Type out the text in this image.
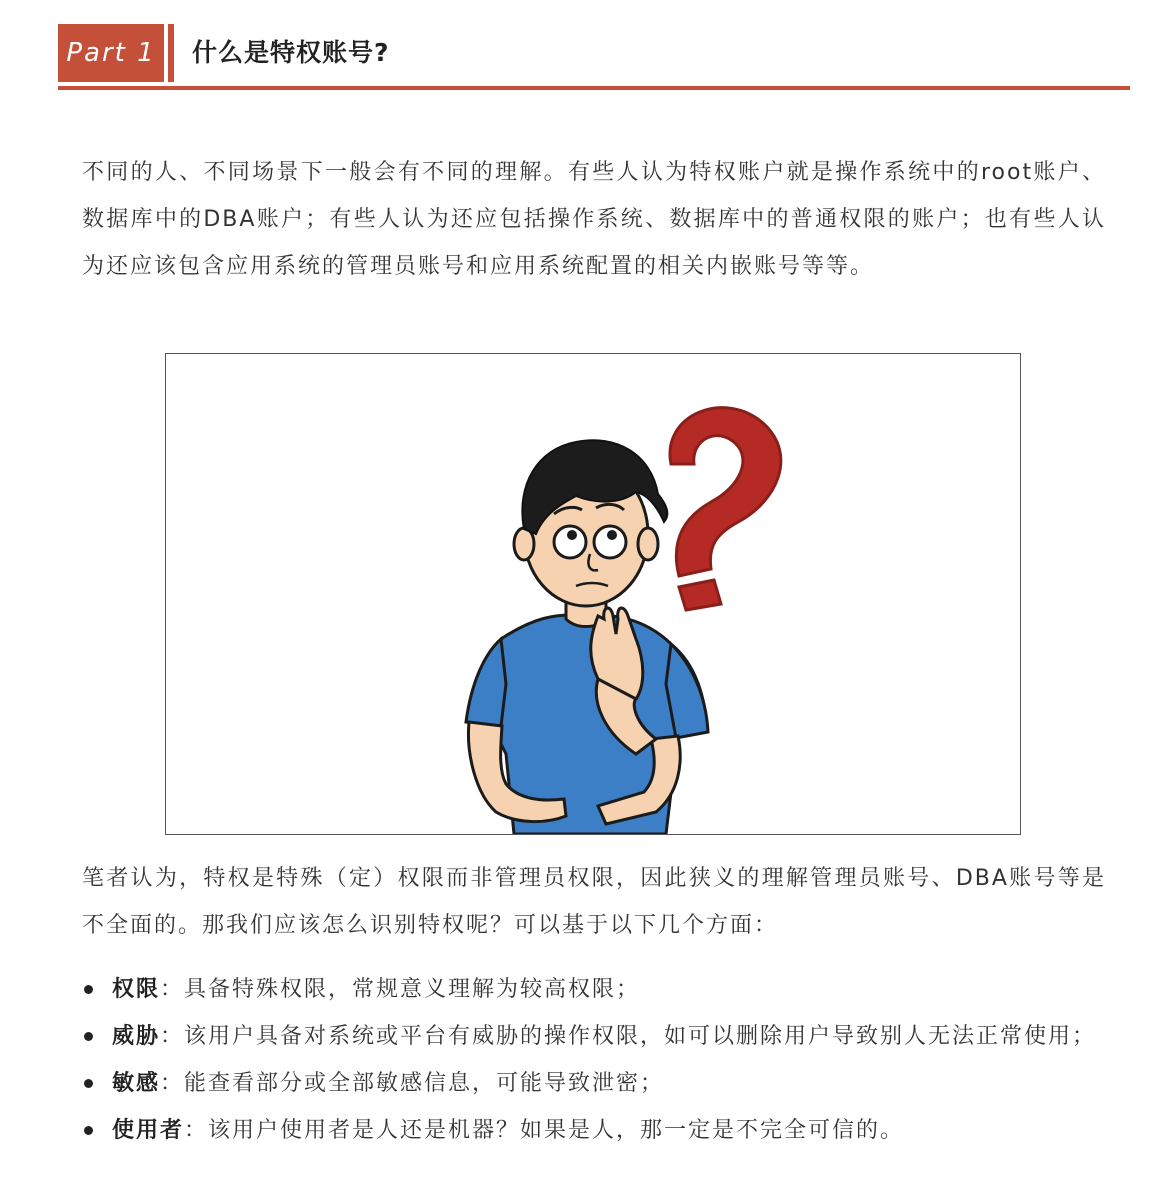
Part 1	什么是特权账号?

不同的人、不同场景下一般会有不同的理解。有些人认为特权账户就是操作系统中的root账户、数据库中的DBA账户；有些人认为还应包括操作系统、数据库中的普通权限的账户；也有些人认为还应该包含应用系统的管理员账号和应用系统配置的相关内嵌账号等等。

笔者认为，特权是特殊（定）权限而非管理员权限，因此狭义的理解管理员账号、DBA账号等是不全面的。那我们应该怎么识别特权呢？可以基于以下几个方面：

权限：具备特殊权限，常规意义理解为较高权限；
威胁：该用户具备对系统或平台有威胁的操作权限，如可以删除用户导致别人无法正常使用；
敏感：能查看部分或全部敏感信息，可能导致泄密；
使用者：该用户使用者是人还是机器？如果是人，那一定是不完全可信的。
